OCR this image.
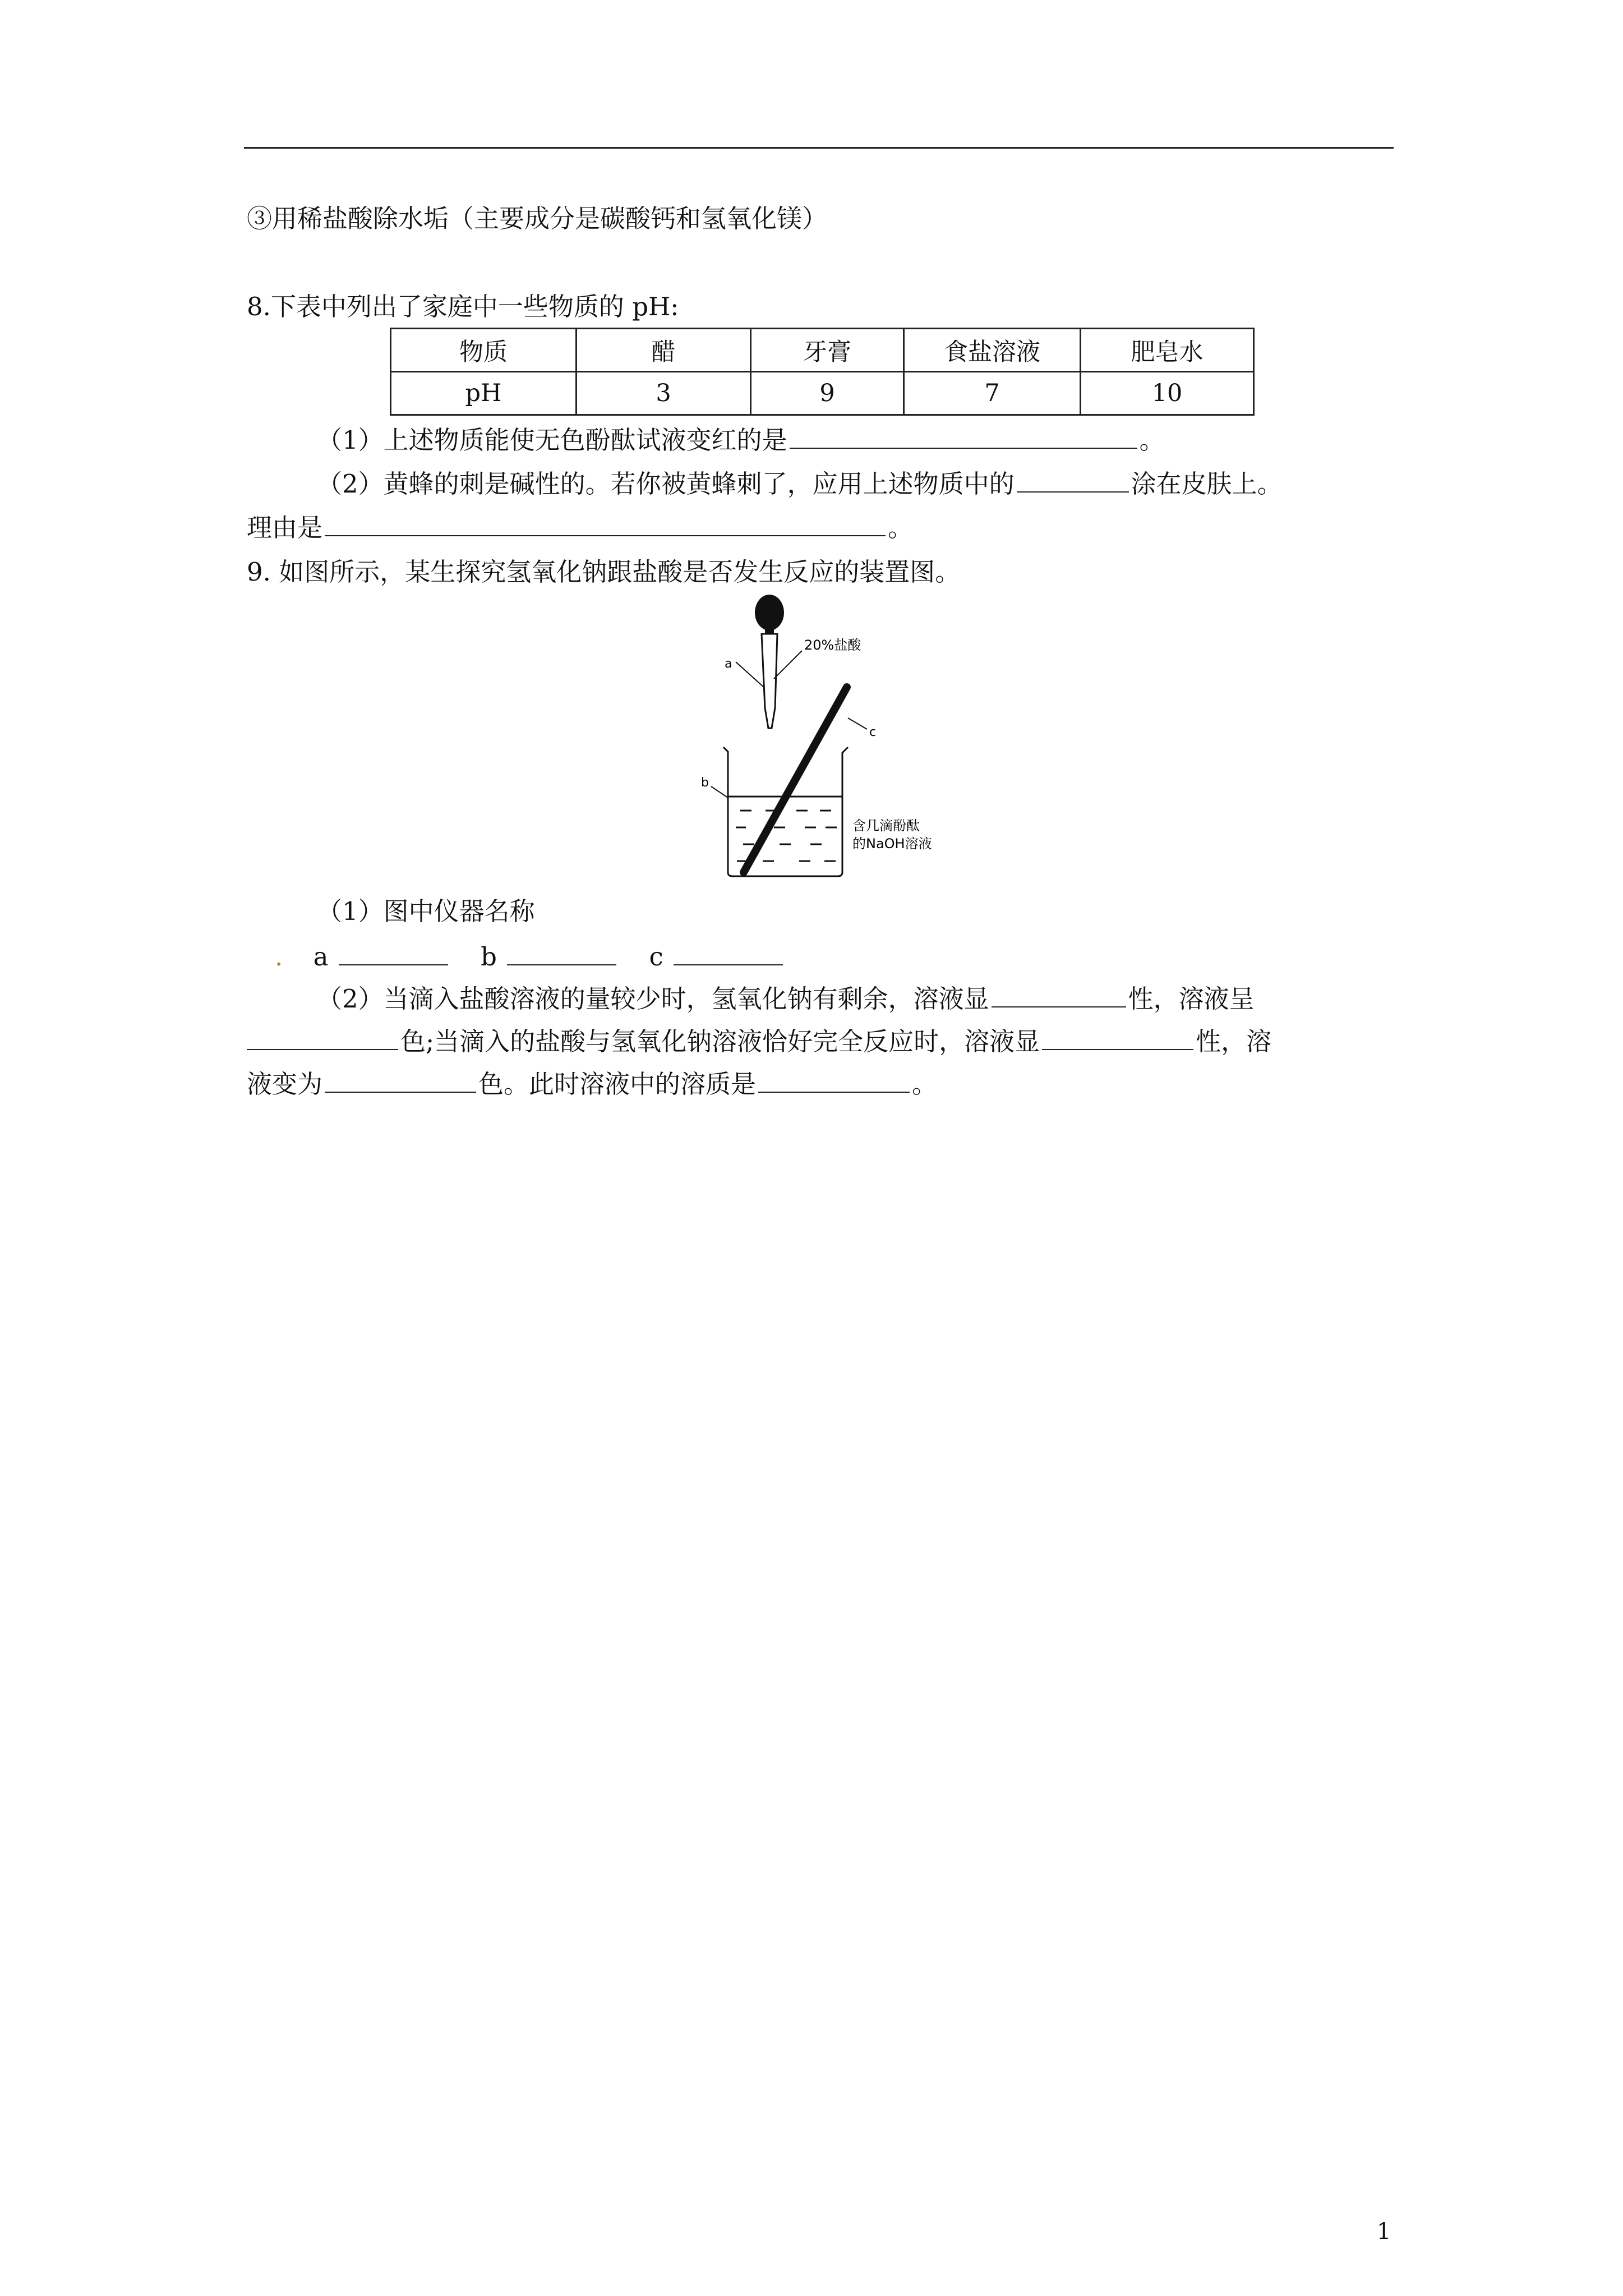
③用稀盐酸除水垢（主要成分是碳酸钙和氢氧化镁）
8.下表中列出了家庭中一些物质的 pH:
物质	醋	牙膏	食盐溶液	肥皂水
pH	3	9	7	10
（1）上述物质能使无色酚酞试液变红的是	。
（2）黄蜂的刺是碱性的。若你被黄蜂刺了，应用上述物质中的	涂在皮肤上。
理由是	。
9. 如图所示，某生探究氢氧化钠跟盐酸是否发生反应的装置图。
a
20%盐酸
b
c
含几滴酚酞
的NaOH溶液
（1）图中仪器名称
. a	b	c
（2）当滴入盐酸溶液的量较少时，氢氧化钠有剩余，溶液显	性，溶液呈
色;当滴入的盐酸与氢氧化钠溶液恰好完全反应时，溶液显	性，溶
液变为	色。此时溶液中的溶质是	。
1
